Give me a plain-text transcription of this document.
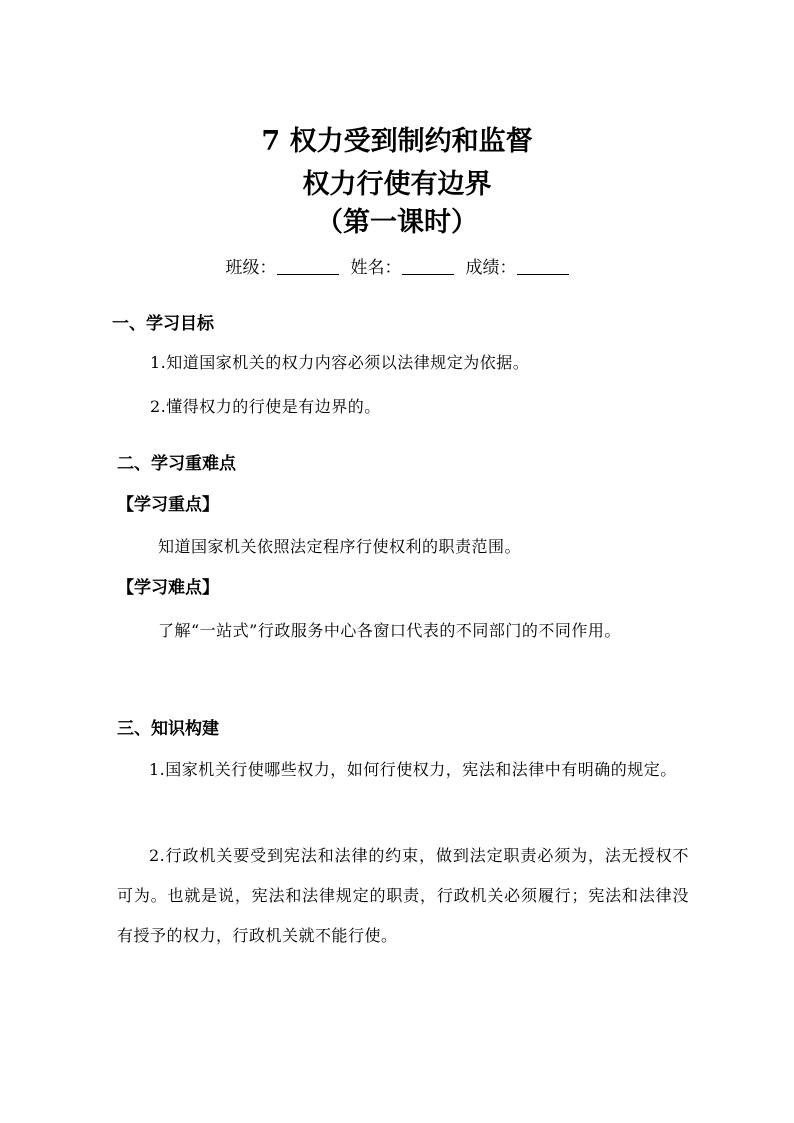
7 权力受到制约和监督
权力行使有边界
（第一课时）
班级：	姓名：	成绩：
一、学习目标
1.知道国家机关的权力内容必须以法律规定为依据。
2.懂得权力的行使是有边界的。
二、学习重难点
【学习重点】
知道国家机关依照法定程序行使权利的职责范围。
【学习难点】
了解“一站式”行政服务中心各窗口代表的不同部门的不同作用。
三、知识构建
1.国家机关行使哪些权力，如何行使权力，宪法和法律中有明确的规定。
2.行政机关要受到宪法和法律的约束，做到法定职责必须为，法无授权不可为。也就是说，宪法和法律规定的职责，行政机关必须履行；宪法和法律没有授予的权力，行政机关就不能行使。
